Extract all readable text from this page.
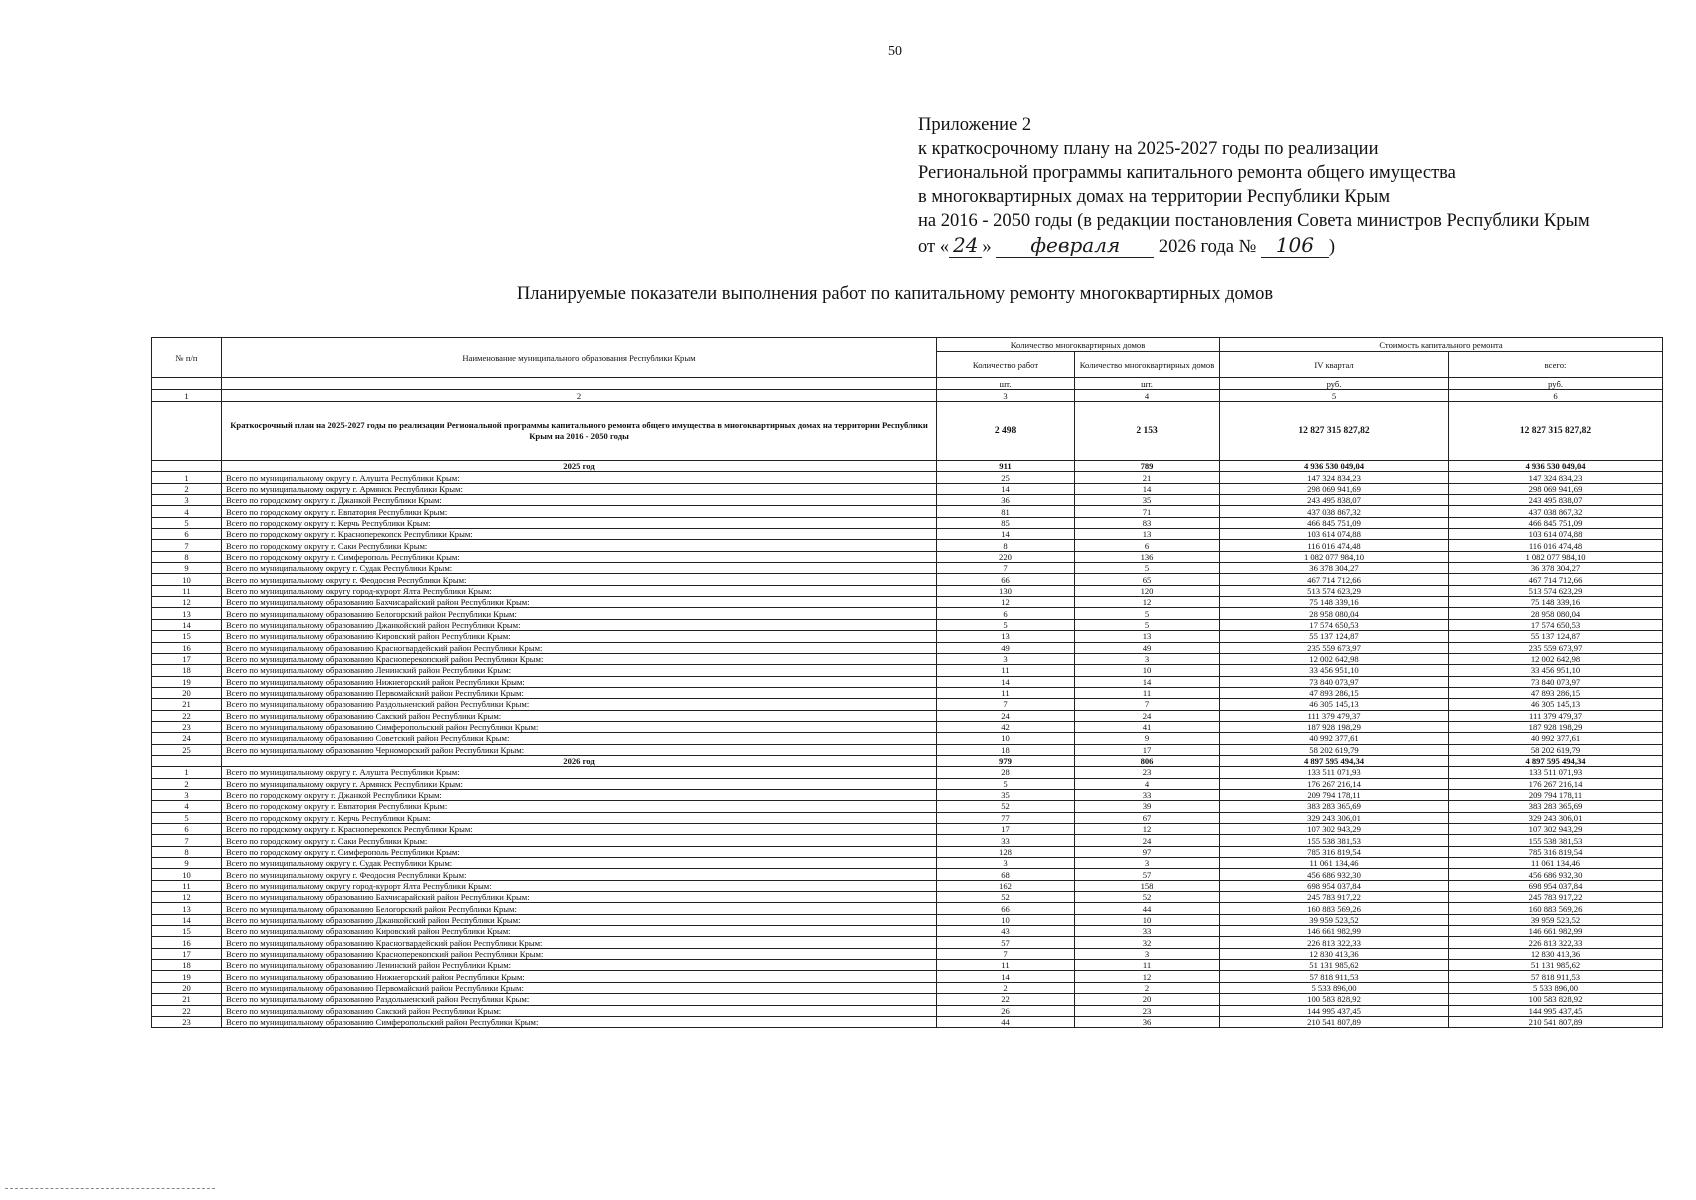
50
Приложение 2
к краткосрочному плану на 2025-2027 годы по реализации
Региональной программы капитального ремонта общего имущества
в многоквартирных домах на территории Республики Крым
на 2016 - 2050 годы (в редакции постановления Совета министров Республики Крым
от « 24 » февраля 2026 года № 106 )
Планируемые показатели выполнения работ по капитальному ремонту многоквартирных домов
№ п/п	Наименование муниципального образования Республики Крым	Количество многоквартирных домов		Стоимость капитального ремонта	
		Количество работ	Количество многоквартирных домов	IV квартал	всего:
		шт.	шт.	руб.	руб.
1	2	3	4	5	6
	Краткосрочный план на 2025-2027 годы по реализации Региональной программы капитального ремонта общего имущества в многоквартирных домах на территории Республики Крым на 2016 - 2050 годы	2 498	2 153	12 827 315 827,82	12 827 315 827,82
	2025 год	911	789	4 936 530 049,04	4 936 530 049,04
1	Всего по муниципальному округу г. Алушта Республики Крым:	25	21	147 324 834,23	147 324 834,23
2	Всего по муниципальному округу г. Армянск Республики Крым:	14	14	298 069 941,69	298 069 941,69
3	Всего по городскому округу г. Джанкой Республики Крым:	36	35	243 495 838,07	243 495 838,07
4	Всего по городскому округу г. Евпатория Республики Крым:	81	71	437 038 867,32	437 038 867,32
5	Всего по городскому округу г. Керчь Республики Крым:	85	83	466 845 751,09	466 845 751,09
6	Всего по городскому округу г. Красноперекопск Республики Крым:	14	13	103 614 074,88	103 614 074,88
7	Всего по городскому округу г. Саки Республики Крым:	8	6	116 016 474,48	116 016 474,48
8	Всего по городскому округу г. Симферополь Республики Крым:	220	136	1 082 077 984,10	1 082 077 984,10
9	Всего по муниципальному округу г. Судак Республики Крым:	7	5	36 378 304,27	36 378 304,27
10	Всего по муниципальному округу г. Феодосия Республики Крым:	66	65	467 714 712,66	467 714 712,66
11	Всего по муниципальному округу город-курорт Ялта Республики Крым:	130	120	513 574 623,29	513 574 623,29
12	Всего по муниципальному образованию Бахчисарайский район Республики Крым:	12	12	75 148 339,16	75 148 339,16
13	Всего по муниципальному образованию Белогорский район Республики Крым:	6	5	28 958 080,04	28 958 080,04
14	Всего по муниципальному образованию Джанкойский район Республики Крым:	5	5	17 574 650,53	17 574 650,53
15	Всего по муниципальному образованию Кировский район Республики Крым:	13	13	55 137 124,87	55 137 124,87
16	Всего по муниципальному образованию Красногвардейский район Республики Крым:	49	49	235 559 673,97	235 559 673,97
17	Всего по муниципальному образованию Красноперекопский район Республики Крым:	3	3	12 002 642,98	12 002 642,98
18	Всего по муниципальному образованию Ленинский район Республики Крым:	11	10	33 456 951,10	33 456 951,10
19	Всего по муниципальному образованию Нижнегорский район Республики Крым:	14	14	73 840 073,97	73 840 073,97
20	Всего по муниципальному образованию Первомайский район Республики Крым:	11	11	47 893 286,15	47 893 286,15
21	Всего по муниципальному образованию Раздольненский район Республики Крым:	7	7	46 305 145,13	46 305 145,13
22	Всего по муниципальному образованию Сакский район Республики Крым:	24	24	111 379 479,37	111 379 479,37
23	Всего по муниципальному образованию Симферопольский район Республики Крым:	42	41	187 928 198,29	187 928 198,29
24	Всего по муниципальному образованию Советский район Республики Крым:	10	9	40 992 377,61	40 992 377,61
25	Всего по муниципальному образованию Черноморский район Республики Крым:	18	17	58 202 619,79	58 202 619,79
	2026 год	979	806	4 897 595 494,34	4 897 595 494,34
1	Всего по муниципальному округу г. Алушта Республики Крым:	28	23	133 511 071,93	133 511 071,93
2	Всего по муниципальному округу г. Армянск Республики Крым:	5	4	176 267 216,14	176 267 216,14
3	Всего по городскому округу г. Джанкой Республики Крым:	35	33	209 794 178,11	209 794 178,11
4	Всего по городскому округу г. Евпатория Республики Крым:	52	39	383 283 365,69	383 283 365,69
5	Всего по городскому округу г. Керчь Республики Крым:	77	67	329 243 306,01	329 243 306,01
6	Всего по городскому округу г. Красноперекопск Республики Крым:	17	12	107 302 943,29	107 302 943,29
7	Всего по городскому округу г. Саки Республики Крым:	33	24	155 538 381,53	155 538 381,53
8	Всего по городскому округу г. Симферополь Республики Крым:	128	97	785 316 819,54	785 316 819,54
9	Всего по муниципальному округу г. Судак Республики Крым:	3	3	11 061 134,46	11 061 134,46
10	Всего по муниципальному округу г. Феодосия Республики Крым:	68	57	456 686 932,30	456 686 932,30
11	Всего по муниципальному округу город-курорт Ялта Республики Крым:	162	158	698 954 037,84	698 954 037,84
12	Всего по муниципальному образованию Бахчисарайский район Республики Крым:	52	52	245 783 917,22	245 783 917,22
13	Всего по муниципальному образованию Белогорский район Республики Крым:	66	44	160 883 569,26	160 883 569,26
14	Всего по муниципальному образованию Джанкойский район Республики Крым:	10	10	39 959 523,52	39 959 523,52
15	Всего по муниципальному образованию Кировский район Республики Крым:	43	33	146 661 982,99	146 661 982,99
16	Всего по муниципальному образованию Красногвардейский район Республики Крым:	57	32	226 813 322,33	226 813 322,33
17	Всего по муниципальному образованию Красноперекопский район Республики Крым:	7	3	12 830 413,36	12 830 413,36
18	Всего по муниципальному образованию Ленинский район Республики Крым:	11	11	51 131 985,62	51 131 985,62
19	Всего по муниципальному образованию Нижнегорский район Республики Крым:	14	12	57 818 911,53	57 818 911,53
20	Всего по муниципальному образованию Первомайский район Республики Крым:	2	2	5 533 896,00	5 533 896,00
21	Всего по муниципальному образованию Раздольненский район Республики Крым:	22	20	100 583 828,92	100 583 828,92
22	Всего по муниципальному образованию Сакский район Республики Крым:	26	23	144 995 437,45	144 995 437,45
23	Всего по муниципальному образованию Симферопольский район Республики Крым:	44	36	210 541 807,89	210 541 807,89
